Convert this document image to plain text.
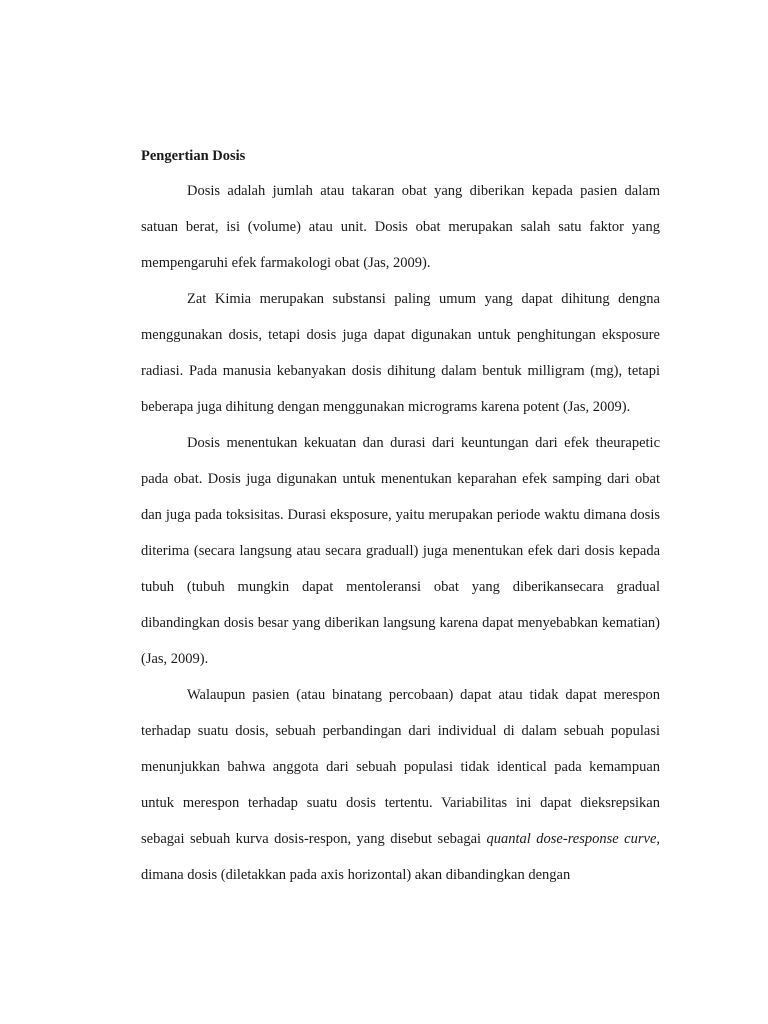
Pengertian Dosis

Dosis adalah jumlah atau takaran obat yang diberikan kepada pasien dalam satuan berat, isi (volume) atau unit. Dosis obat merupakan salah satu faktor yang mempengaruhi efek farmakologi obat (Jas, 2009).

Zat Kimia merupakan substansi paling umum yang dapat dihitung dengna menggunakan dosis, tetapi dosis juga dapat digunakan untuk penghitungan eksposure radiasi. Pada manusia kebanyakan dosis dihitung dalam bentuk milligram (mg), tetapi beberapa juga dihitung dengan menggunakan micrograms karena potent (Jas, 2009).

Dosis menentukan kekuatan dan durasi dari keuntungan dari efek theurapetic pada obat. Dosis juga digunakan untuk menentukan keparahan efek samping dari obat dan juga pada toksisitas. Durasi eksposure, yaitu merupakan periode waktu dimana dosis diterima (secara langsung atau secara graduall) juga menentukan efek dari dosis kepada tubuh (tubuh mungkin dapat mentoleransi obat yang diberikansecara gradual dibandingkan dosis besar yang diberikan langsung karena dapat menyebabkan kematian) (Jas, 2009).

Walaupun pasien (atau binatang percobaan) dapat atau tidak dapat merespon terhadap suatu dosis, sebuah perbandingan dari individual di dalam sebuah populasi menunjukkan bahwa anggota dari sebuah populasi tidak identical pada kemampuan untuk merespon terhadap suatu dosis tertentu. Variabilitas ini dapat dieksrepsikan sebagai sebuah kurva dosis-respon, yang disebut sebagai quantal dose-response curve, dimana dosis (diletakkan pada axis horizontal) akan dibandingkan dengan
